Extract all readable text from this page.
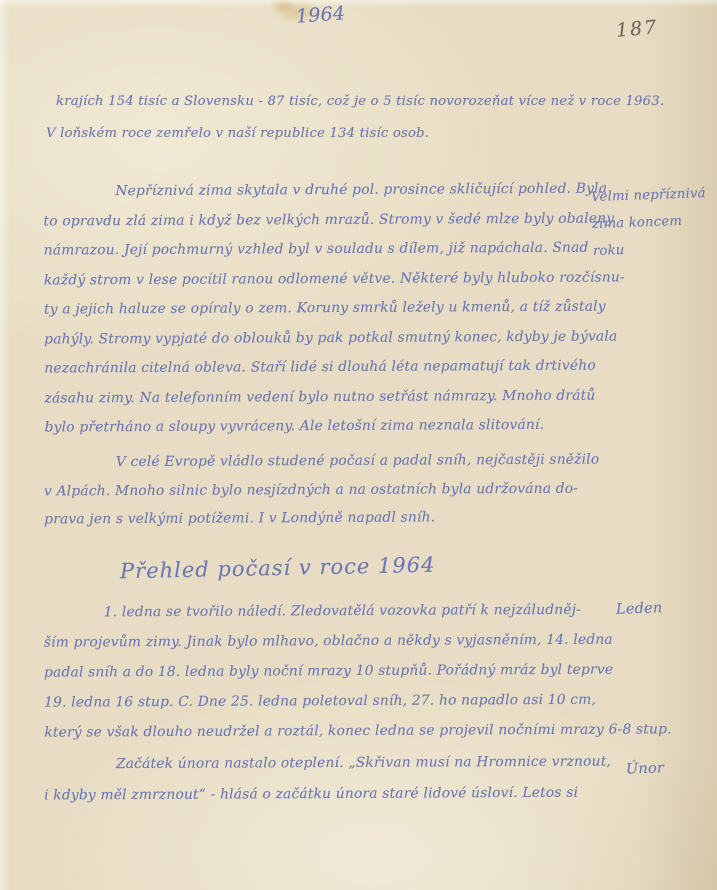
1964
187
krajích 154 tisíc a Slovensku - 87 tisíc, což je o 5 tisíc novorozeňat více než v roce 1963.
V loňském roce zemřelo v naší republice 134 tisíc osob.
Nepříznivá zima skytala v druhé pol. prosince skličující pohled. Byla
to opravdu zlá zima i když bez velkých mrazů. Stromy v šedé mlze byly obaleny
námrazou. Její pochmurný vzhled byl v souladu s dílem, již napáchala. Snad
každý strom v lese pocítil ranou odlomené větve. Některé byly hluboko rozčísnu-
ty a jejich haluze se opíraly o zem. Koruny smrků ležely u kmenů, a tíž zůstaly
pahýly. Stromy vypjaté do oblouků by pak potkal smutný konec, kdyby je bývala
nezachránila citelná obleva. Staří lidé si dlouhá léta nepamatují tak drtivého
zásahu zimy. Na telefonním vedení bylo nutno setřást námrazy. Mnoho drátů
bylo přetrháno a sloupy vyvráceny. Ale letošní zima neznala slitování.
V celé Evropě vládlo studené počasí a padal sníh, nejčastěji sněžilo
v Alpách. Mnoho silnic bylo nesjízdných a na ostatních byla udržována do-
prava jen s velkými potížemi. I v Londýně napadl sníh.
Přehled počasí v roce 1964
1. ledna se tvořilo náledí. Zledovatělá vozovka patří k nejzáludněj-
ším projevům zimy. Jinak bylo mlhavo, oblačno a někdy s vyjasněním, 14. ledna
padal sníh a do 18. ledna byly noční mrazy 10 stupňů. Pořádný mráz byl teprve
19. ledna 16 stup. C. Dne 25. ledna poletoval sníh, 27. ho napadlo asi 10 cm,
který se však dlouho neudržel a roztál, konec ledna se projevil nočními mrazy 6-8 stup.
Začátek února nastalo oteplení. „Skřivan musí na Hromnice vrznout,
i kdyby měl zmrznout“ - hlásá o začátku února staré lidové úsloví. Letos si
Velmi nepříznivá zima koncem roku
Leden
Únor
